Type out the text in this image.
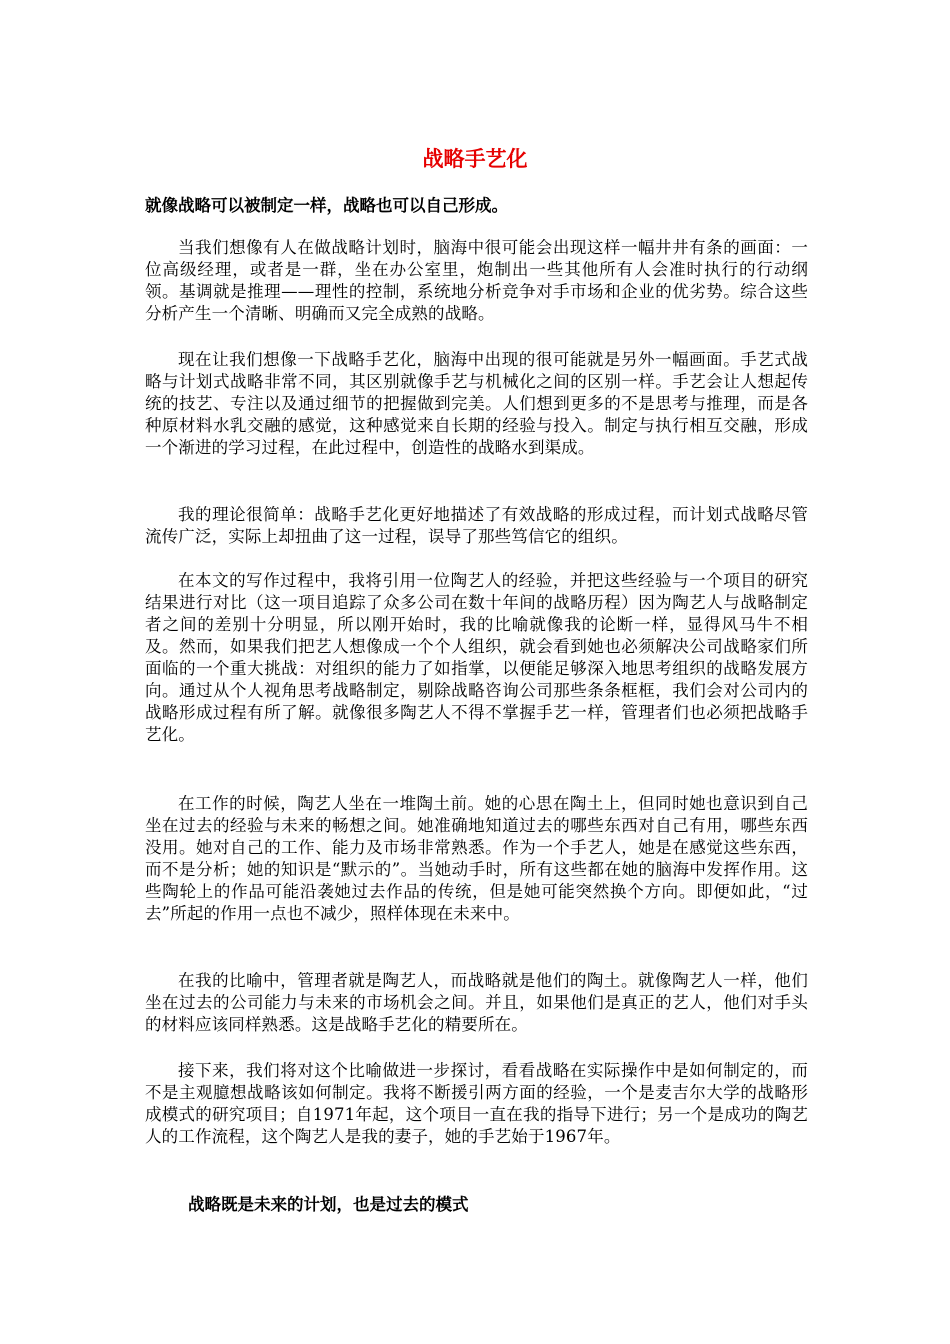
战略手艺化
就像战略可以被制定一样，战略也可以自己形成。

当我们想像有人在做战略计划时，脑海中很可能会出现这样一幅井井有条的画面：一位高级经理，或者是一群，坐在办公室里，炮制出一些其他所有人会准时执行的行动纲领。基调就是推理——理性的控制，系统地分析竞争对手市场和企业的优劣势。综合这些分析产生一个清晰、明确而又完全成熟的战略。

现在让我们想像一下战略手艺化，脑海中出现的很可能就是另外一幅画面。手艺式战略与计划式战略非常不同，其区别就像手艺与机械化之间的区别一样。手艺会让人想起传统的技艺、专注以及通过细节的把握做到完美。人们想到更多的不是思考与推理，而是各种原材料水乳交融的感觉，这种感觉来自长期的经验与投入。制定与执行相互交融，形成一个渐进的学习过程，在此过程中，创造性的战略水到渠成。

我的理论很简单：战略手艺化更好地描述了有效战略的形成过程，而计划式战略尽管流传广泛，实际上却扭曲了这一过程，误导了那些笃信它的组织。

在本文的写作过程中，我将引用一位陶艺人的经验，并把这些经验与一个项目的研究结果进行对比（这一项目追踪了众多公司在数十年间的战略历程）因为陶艺人与战略制定者之间的差别十分明显，所以刚开始时，我的比喻就像我的论断一样，显得风马牛不相及。然而，如果我们把艺人想像成一个个人组织，就会看到她也必须解决公司战略家们所面临的一个重大挑战：对组织的能力了如指掌，以便能足够深入地思考组织的战略发展方向。通过从个人视角思考战略制定，剔除战略咨询公司那些条条框框，我们会对公司内的战略形成过程有所了解。就像很多陶艺人不得不掌握手艺一样，管理者们也必须把战略手艺化。

在工作的时候，陶艺人坐在一堆陶土前。她的心思在陶土上，但同时她也意识到自己坐在过去的经验与未来的畅想之间。她准确地知道过去的哪些东西对自己有用，哪些东西没用。她对自己的工作、能力及市场非常熟悉。作为一个手艺人，她是在感觉这些东西，而不是分析；她的知识是“默示的”。当她动手时，所有这些都在她的脑海中发挥作用。这些陶轮上的作品可能沿袭她过去作品的传统，但是她可能突然换个方向。即便如此，“过去”所起的作用一点也不减少，照样体现在未来中。

在我的比喻中，管理者就是陶艺人，而战略就是他们的陶土。就像陶艺人一样，他们坐在过去的公司能力与未来的市场机会之间。并且，如果他们是真正的艺人，他们对手头的材料应该同样熟悉。这是战略手艺化的精要所在。

接下来，我们将对这个比喻做进一步探讨，看看战略在实际操作中是如何制定的，而不是主观臆想战略该如何制定。我将不断援引两方面的经验，一个是麦吉尔大学的战略形成模式的研究项目；自1971年起，这个项目一直在我的指导下进行；另一个是成功的陶艺人的工作流程，这个陶艺人是我的妻子，她的手艺始于1967年。

战略既是未来的计划，也是过去的模式
